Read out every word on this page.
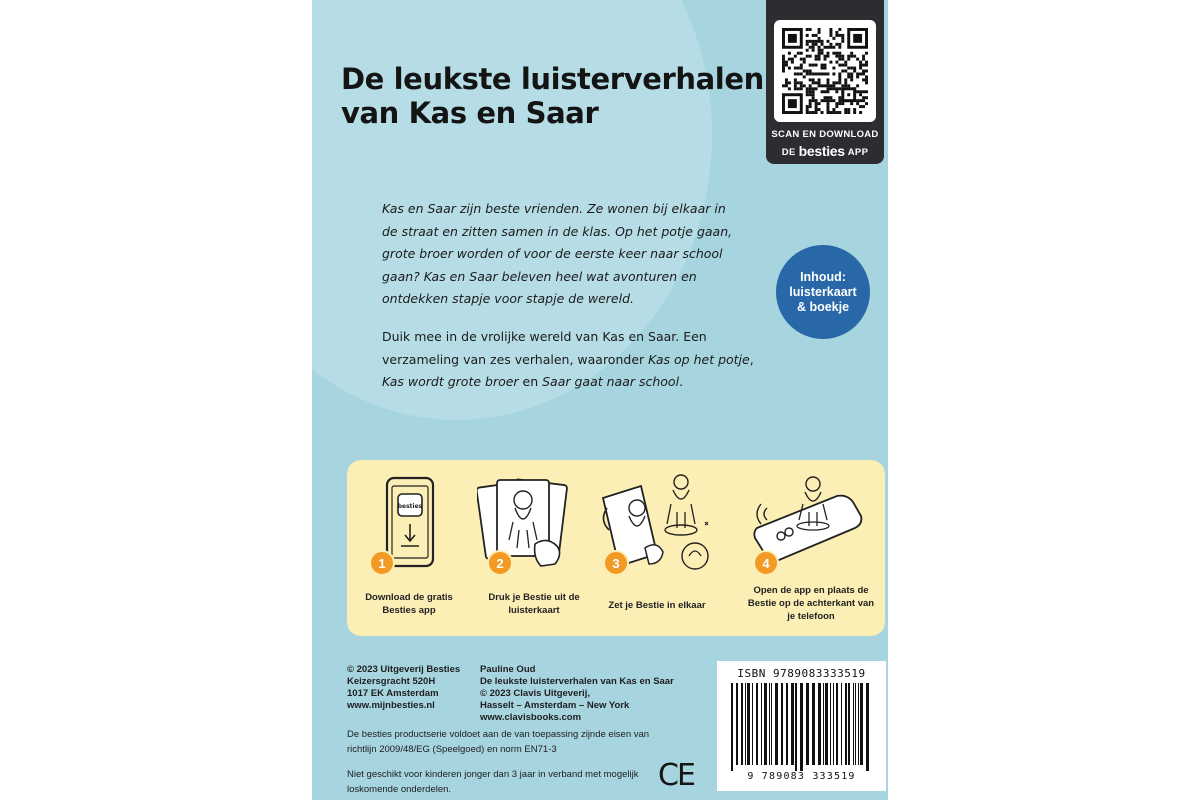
De leukste luisterverhalen
van Kas en Saar
SCAN EN DOWNLOAD
DE besties APP

Kas en Saar zijn beste vrienden. Ze wonen bij elkaar in de straat en zitten samen in de klas. Op het potje gaan, grote broer worden of voor de eerste keer naar school gaan? Kas en Saar beleven heel wat avonturen en ontdekken stapje voor stapje de wereld.

Duik mee in de vrolijke wereld van Kas en Saar. Een verzameling van zes verhalen, waaronder Kas op het potje, Kas wordt grote broer en Saar gaat naar school.

Inhoud:
luisterkaart
& boekje
besties
1
Download de gratis Besties app
2
Druk je Bestie uit de luisterkaart
3
Zet je Bestie in elkaar
4
Open de app en plaats de Bestie op de achterkant van je telefoon
© 2023 Uitgeverij Besties
Keizersgracht 520H
1017 EK Amsterdam
www.mijnbesties.nl
Pauline Oud
De leukste luisterverhalen van Kas en Saar
© 2023 Clavis Uitgeverij,
Hasselt – Amsterdam – New York
www.clavisbooks.com
De besties productserie voldoet aan de van toepassing zijnde eisen van richtlijn 2009/48/EG (Speelgoed) en norm EN71-3
Niet geschikt voor kinderen jonger dan 3 jaar in verband met mogelijk loskomende onderdelen.	CE
ISBN 9789083333519
9 789083 333519
